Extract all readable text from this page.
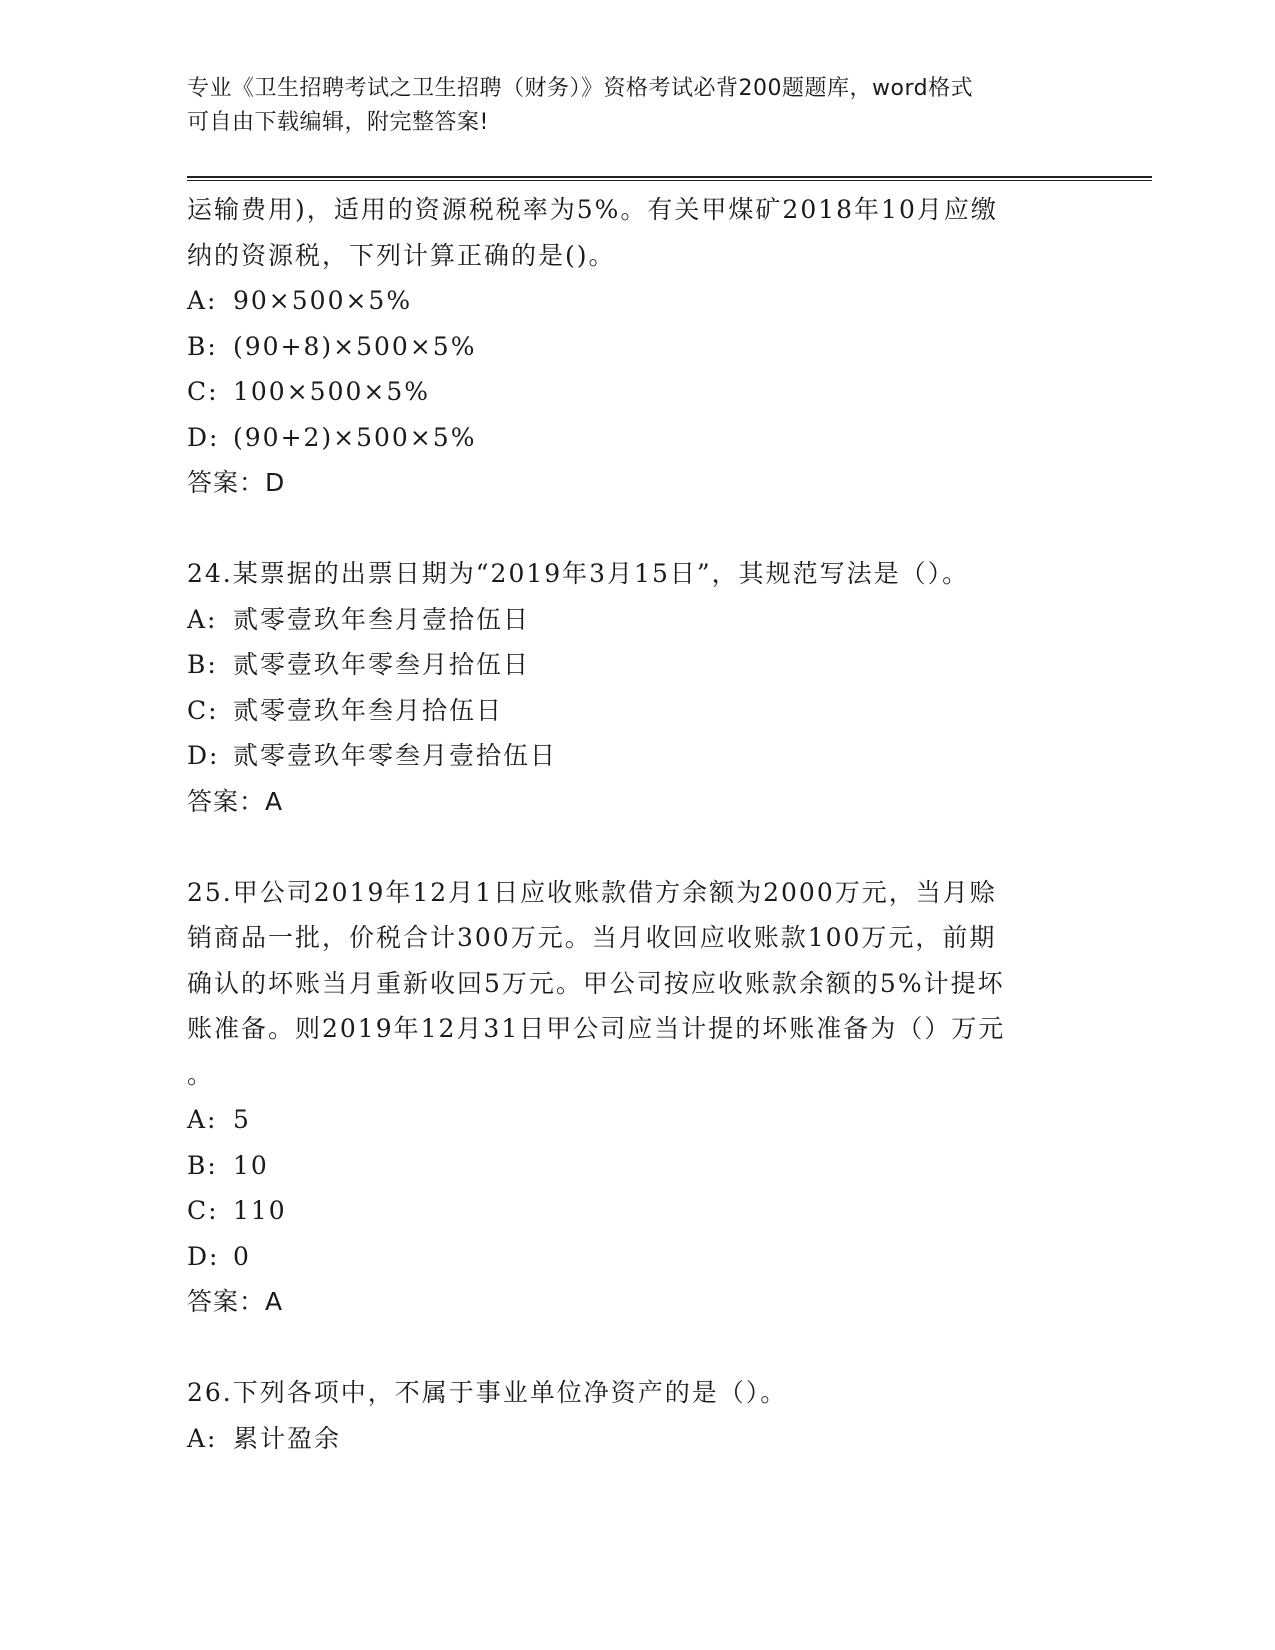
专业《卫生招聘考试之卫生招聘（财务）》资格考试必背200题题库，word格式
可自由下载编辑，附完整答案!
运输费用)，适用的资源税税率为5%。有关甲煤矿2018年10月应缴
纳的资源税，下列计算正确的是()。
A: 90×500×5%
B: (90+8)×500×5%
C: 100×500×5%
D: (90+2)×500×5%
答案：D
24.某票据的出票日期为“2019年3月15日”，其规范写法是（）。
A: 贰零壹玖年叁月壹拾伍日
B: 贰零壹玖年零叁月拾伍日
C: 贰零壹玖年叁月拾伍日
D: 贰零壹玖年零叁月壹拾伍日
答案：A
25.甲公司2019年12月1日应收账款借方余额为2000万元，当月赊
销商品一批，价税合计300万元。当月收回应收账款100万元，前期
确认的坏账当月重新收回5万元。甲公司按应收账款余额的5%计提坏
账准备。则2019年12月31日甲公司应当计提的坏账准备为（）万元
。
A: 5
B: 10
C: 110
D: 0
答案：A
26.下列各项中，不属于事业单位净资产的是（）。
A: 累计盈余
